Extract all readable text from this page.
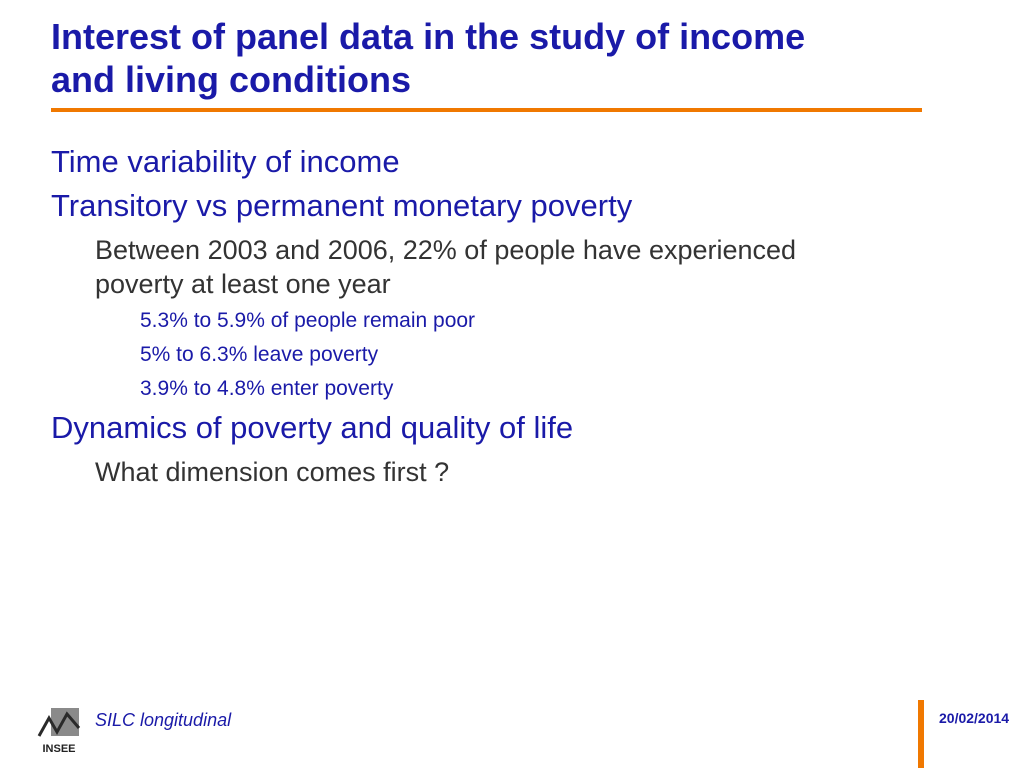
Interest of panel data in the study of income
and living conditions

Time variability of income

Transitory vs permanent monetary poverty

Between 2003 and 2006, 22% of people have experienced
poverty at least one year

5.3% to 5.9% of people remain poor

5% to 6.3% leave poverty

3.9% to 4.8% enter poverty

Dynamics of poverty and quality of life

What dimension comes first ?

INSEE
SILC longitudinal	20/02/2014
